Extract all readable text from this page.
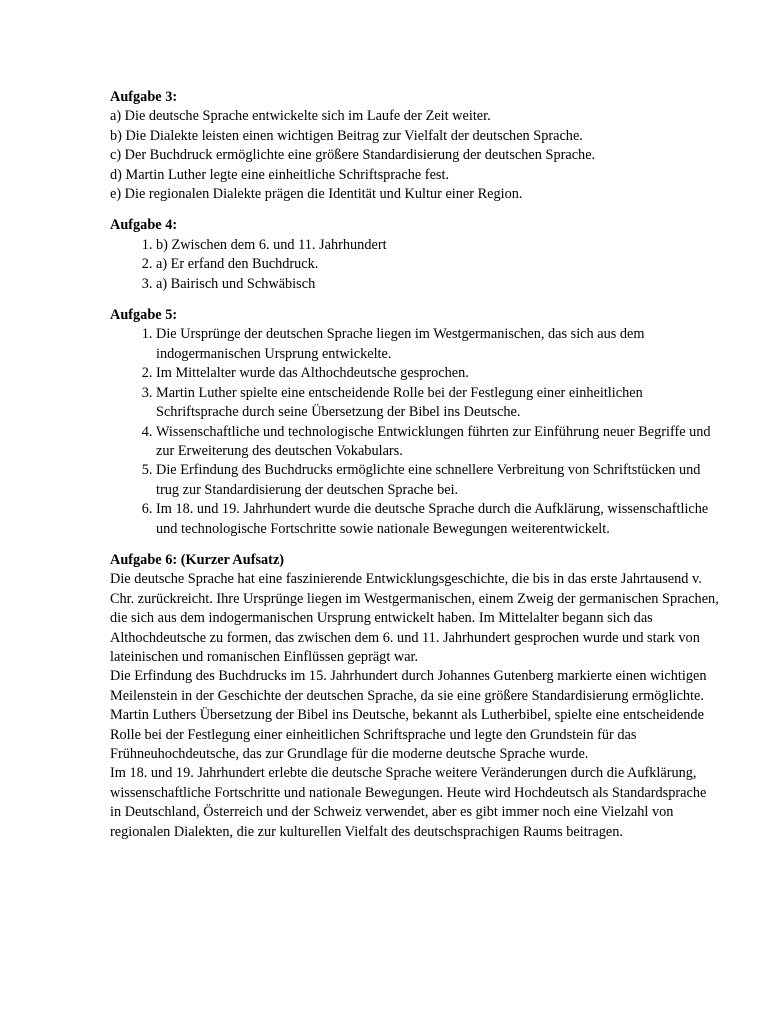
Aufgabe 3:

a) Die deutsche Sprache entwickelte sich im Laufe der Zeit weiter.

b) Die Dialekte leisten einen wichtigen Beitrag zur Vielfalt der deutschen Sprache.

c) Der Buchdruck ermöglichte eine größere Standardisierung der deutschen Sprache.

d) Martin Luther legte eine einheitliche Schriftsprache fest.

e) Die regionalen Dialekte prägen die Identität und Kultur einer Region.

Aufgabe 4:

1. b) Zwischen dem 6. und 11. Jahrhundert
2. a) Er erfand den Buchdruck.
3. a) Bairisch und Schwäbisch

Aufgabe 5:

1. Die Ursprünge der deutschen Sprache liegen im Westgermanischen, das sich aus dem indogermanischen Ursprung entwickelte.
2. Im Mittelalter wurde das Althochdeutsche gesprochen.
3. Martin Luther spielte eine entscheidende Rolle bei der Festlegung einer einheitlichen Schriftsprache durch seine Übersetzung der Bibel ins Deutsche.
4. Wissenschaftliche und technologische Entwicklungen führten zur Einführung neuer Begriffe und zur Erweiterung des deutschen Vokabulars.
5. Die Erfindung des Buchdrucks ermöglichte eine schnellere Verbreitung von Schriftstücken und trug zur Standardisierung der deutschen Sprache bei.
6. Im 18. und 19. Jahrhundert wurde die deutsche Sprache durch die Aufklärung, wissenschaftliche und technologische Fortschritte sowie nationale Bewegungen weiterentwickelt.

Aufgabe 6: (Kurzer Aufsatz)

Die deutsche Sprache hat eine faszinierende Entwicklungsgeschichte, die bis in das erste Jahrtausend v. Chr. zurückreicht. Ihre Ursprünge liegen im Westgermanischen, einem Zweig der germanischen Sprachen, die sich aus dem indogermanischen Ursprung entwickelt haben. Im Mittelalter begann sich das Althochdeutsche zu formen, das zwischen dem 6. und 11. Jahrhundert gesprochen wurde und stark von lateinischen und romanischen Einflüssen geprägt war.

Die Erfindung des Buchdrucks im 15. Jahrhundert durch Johannes Gutenberg markierte einen wichtigen Meilenstein in der Geschichte der deutschen Sprache, da sie eine größere Standardisierung ermöglichte. Martin Luthers Übersetzung der Bibel ins Deutsche, bekannt als Lutherbibel, spielte eine entscheidende Rolle bei der Festlegung einer einheitlichen Schriftsprache und legte den Grundstein für das Frühneuhochdeutsche, das zur Grundlage für die moderne deutsche Sprache wurde.

Im 18. und 19. Jahrhundert erlebte die deutsche Sprache weitere Veränderungen durch die Aufklärung, wissenschaftliche Fortschritte und nationale Bewegungen. Heute wird Hochdeutsch als Standardsprache in Deutschland, Österreich und der Schweiz verwendet, aber es gibt immer noch eine Vielzahl von regionalen Dialekten, die zur kulturellen Vielfalt des deutschsprachigen Raums beitragen.
